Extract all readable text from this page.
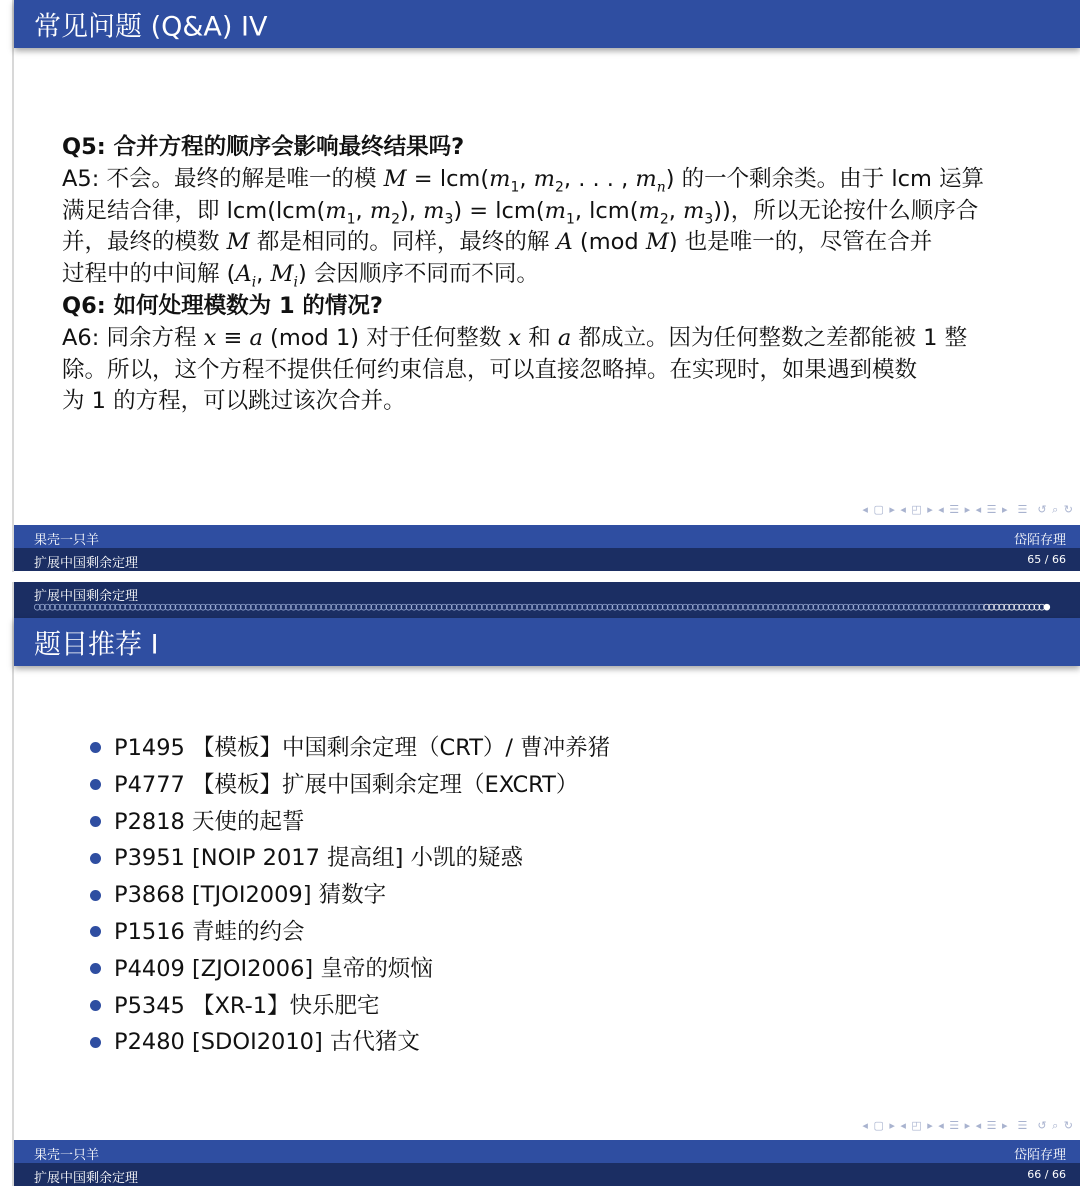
常见问题 (Q&A) IV

Q5: 合并方程的顺序会影响最终结果吗?

A5: 不会。最终的解是唯一的模 $M = lcm(m_1$, $m_2$, . . . , $m_n$) 的一个剩余类。由于 lcm 运算
满足结合律，即 $lcm(lcm(m_1$, $m_2$), $m_3) = lcm(m_1$, $lcm(m_2$, $m_3$))，所以无论按什么顺序合
并，最终的模数 M 都是相同的。同样，最终的解 A (mod M) 也是唯一的，尽管在合并
过程中的中间解 ($A_i$, $M_i$) 会因顺序不同而不同。

Q6: 如何处理模数为 1 的情况?

A6: 同余方程 x ≡ a (mod 1) 对于任何整数 x 和 a 都成立。因为任何整数之差都能被 1 整
除。所以，这个方程不提供任何约束信息，可以直接忽略掉。在实现时，如果遇到模数
为 1 的方程，可以跳过该次合并。

◂ ▢ ▸ ◂ ◰ ▸ ◂ ☰ ▸ ◂ ☰ ▸  ☰  ↺ ⌕ ↻
果壳一只羊	岱陌存理
扩展中国剩余定理	65 / 66
扩展中国剩余定理
○○○○○○○○○○○○○○○○○○○○○○○○○○○○○○○○○○○○○○○○○○○○○○○○○○○○○○○○○○○○○○○○○○○○○○○○○○○○○○○○○○○○○○○○○○○○○○○○○○○○○○○○○○○○○○○○○○○○○○○○○○○○○○○○○○○○○○○○○○○○○○○○○○○○○○○○○○○○○○○○○○○○○○○○○○○○○○○○○○○○○○○○○○○○○○○○○○○○○○○○○●
题目推荐 I
P1495 【模板】中国剩余定理（CRT）/ 曹冲养猪
P4777 【模板】扩展中国剩余定理（EXCRT）
P2818 天使的起誓
P3951 [NOIP 2017 提高组] 小凯的疑惑
P3868 [TJOI2009] 猜数字
P1516 青蛙的约会
P4409 [ZJOI2006] 皇帝的烦恼
P5345 【XR-1】快乐肥宅
P2480 [SDOI2010] 古代猪文
◂ ▢ ▸ ◂ ◰ ▸ ◂ ☰ ▸ ◂ ☰ ▸  ☰  ↺ ⌕ ↻
果壳一只羊	岱陌存理
扩展中国剩余定理	66 / 66
